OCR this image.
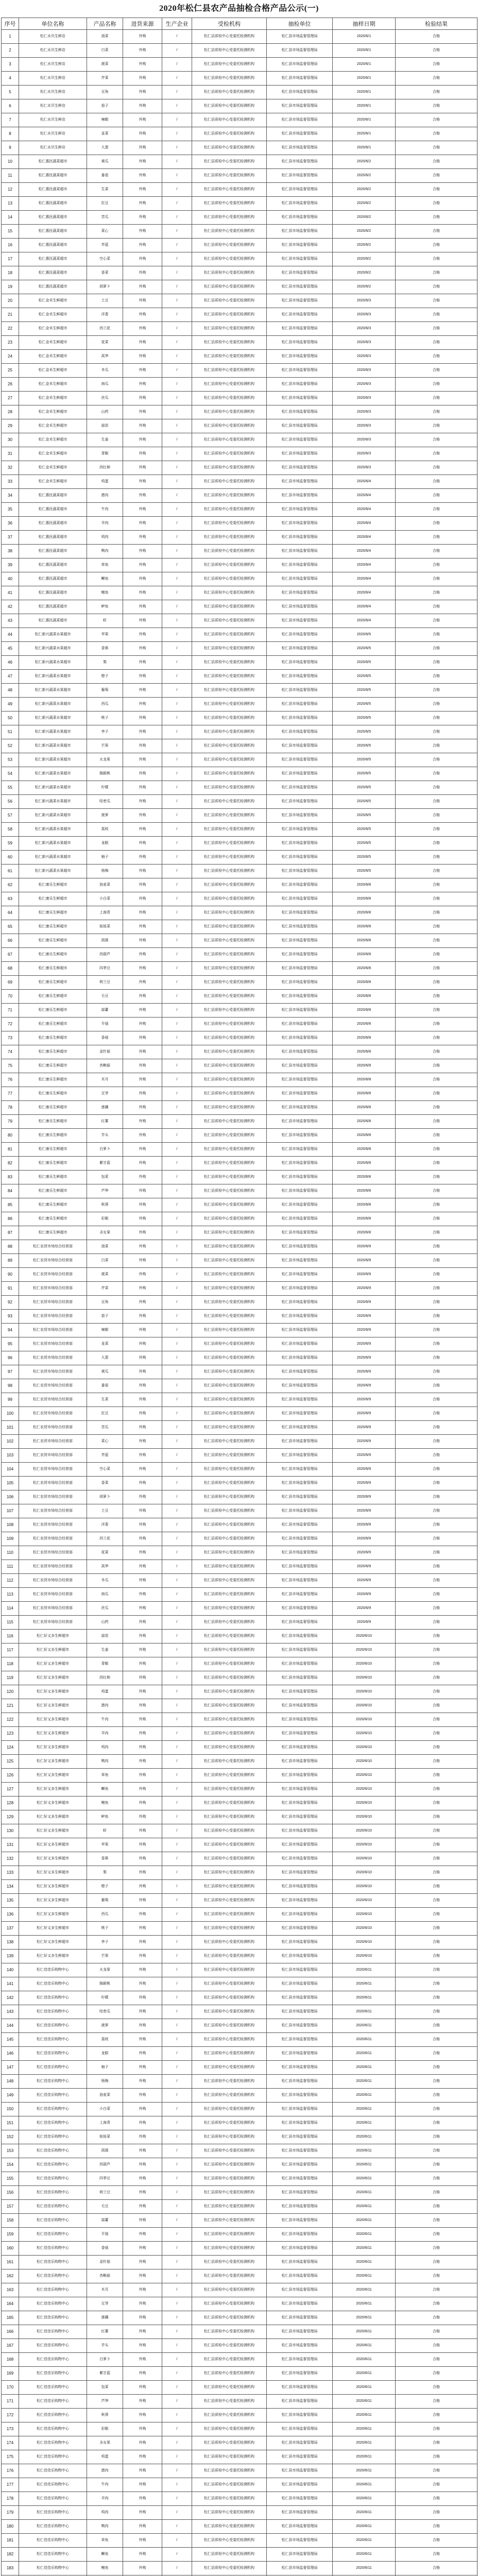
2020年松仁县农产品抽检合格产品公示(一)
序号	单位名称	产品名称	进货来源	生产企业	受检机构	抽检单位	抽样日期	检验结果
1	松仁水贝生鲜店	油菜	外购	/	松仁县质检中心受委托检测机构	松仁县市场监督管理局	2020/6/1	合格
2	松仁水贝生鲜店	白菜	外购	/	松仁县质检中心受委托检测机构	松仁县市场监督管理局	2020/6/1	合格
3	松仁水贝生鲜店	菠菜	外购	/	松仁县质检中心受委托检测机构	松仁县市场监督管理局	2020/6/1	合格
4	松仁水贝生鲜店	芹菜	外购	/	松仁县质检中心受委托检测机构	松仁县市场监督管理局	2020/6/1	合格
5	松仁水贝生鲜店	豆角	外购	/	松仁县质检中心受委托检测机构	松仁县市场监督管理局	2020/6/1	合格
6	松仁水贝生鲜店	茄子	外购	/	松仁县质检中心受委托检测机构	松仁县市场监督管理局	2020/6/1	合格
7	松仁水贝生鲜店	辣椒	外购	/	松仁县质检中心受委托检测机构	松仁县市场监督管理局	2020/6/1	合格
8	松仁水贝生鲜店	韭菜	外购	/	松仁县质检中心受委托检测机构	松仁县市场监督管理局	2020/6/1	合格
9	松仁水贝生鲜店	大葱	外购	/	松仁县质检中心受委托检测机构	松仁县市场监督管理局	2020/6/1	合格
10	松仁惠民蔬菜超市	黄瓜	外购	/	松仁县质检中心受委托检测机构	松仁县市场监督管理局	2020/6/2	合格
11	松仁惠民蔬菜超市	番茄	外购	/	松仁县质检中心受委托检测机构	松仁县市场监督管理局	2020/6/2	合格
12	松仁惠民蔬菜超市	生菜	外购	/	松仁县质检中心受委托检测机构	松仁县市场监督管理局	2020/6/2	合格
13	松仁惠民蔬菜超市	豇豆	外购	/	松仁县质检中心受委托检测机构	松仁县市场监督管理局	2020/6/2	合格
14	松仁惠民蔬菜超市	苦瓜	外购	/	松仁县质检中心受委托检测机构	松仁县市场监督管理局	2020/6/2	合格
15	松仁惠民蔬菜超市	菜心	外购	/	松仁县质检中心受委托检测机构	松仁县市场监督管理局	2020/6/2	合格
16	松仁惠民蔬菜超市	芥蓝	外购	/	松仁县质检中心受委托检测机构	松仁县市场监督管理局	2020/6/2	合格
17	松仁惠民蔬菜超市	空心菜	外购	/	松仁县质检中心受委托检测机构	松仁县市场监督管理局	2020/6/2	合格
18	松仁惠民蔬菜超市	香菜	外购	/	松仁县质检中心受委托检测机构	松仁县市场监督管理局	2020/6/2	合格
19	松仁惠民蔬菜超市	胡萝卜	外购	/	松仁县质检中心受委托检测机构	松仁县市场监督管理局	2020/6/2	合格
20	松仁金禾生鲜超市	土豆	外购	/	松仁县质检中心受委托检测机构	松仁县市场监督管理局	2020/6/3	合格
21	松仁金禾生鲜超市	洋葱	外购	/	松仁县质检中心受委托检测机构	松仁县市场监督管理局	2020/6/3	合格
22	松仁金禾生鲜超市	西兰花	外购	/	松仁县质检中心受委托检测机构	松仁县市场监督管理局	2020/6/3	合格
23	松仁金禾生鲜超市	花菜	外购	/	松仁县质检中心受委托检测机构	松仁县市场监督管理局	2020/6/3	合格
24	松仁金禾生鲜超市	莴笋	外购	/	松仁县质检中心受委托检测机构	松仁县市场监督管理局	2020/6/3	合格
25	松仁金禾生鲜超市	冬瓜	外购	/	松仁县质检中心受委托检测机构	松仁县市场监督管理局	2020/6/3	合格
26	松仁金禾生鲜超市	南瓜	外购	/	松仁县质检中心受委托检测机构	松仁县市场监督管理局	2020/6/3	合格
27	松仁金禾生鲜超市	丝瓜	外购	/	松仁县质检中心受委托检测机构	松仁县市场监督管理局	2020/6/3	合格
28	松仁金禾生鲜超市	山药	外购	/	松仁县质检中心受委托检测机构	松仁县市场监督管理局	2020/6/3	合格
29	松仁金禾生鲜超市	蒜苗	外购	/	松仁县质检中心受委托检测机构	松仁县市场监督管理局	2020/6/3	合格
30	松仁金禾生鲜超市	生姜	外购	/	松仁县质检中心受委托检测机构	松仁县市场监督管理局	2020/6/3	合格
31	松仁金禾生鲜超市	青椒	外购	/	松仁县质检中心受委托检测机构	松仁县市场监督管理局	2020/6/3	合格
32	松仁金禾生鲜超市	西红柿	外购	/	松仁县质检中心受委托检测机构	松仁县市场监督管理局	2020/6/3	合格
33	松仁金禾生鲜超市	鸡蛋	外购	/	松仁县质检中心受委托检测机构	松仁县市场监督管理局	2020/6/4	合格
34	松仁惠民蔬菜超市	猪肉	外购	/	松仁县质检中心受委托检测机构	松仁县市场监督管理局	2020/6/4	合格
35	松仁惠民蔬菜超市	牛肉	外购	/	松仁县质检中心受委托检测机构	松仁县市场监督管理局	2020/6/4	合格
36	松仁惠民蔬菜超市	羊肉	外购	/	松仁县质检中心受委托检测机构	松仁县市场监督管理局	2020/6/4	合格
37	松仁惠民蔬菜超市	鸡肉	外购	/	松仁县质检中心受委托检测机构	松仁县市场监督管理局	2020/6/4	合格
38	松仁惠民蔬菜超市	鸭肉	外购	/	松仁县质检中心受委托检测机构	松仁县市场监督管理局	2020/6/4	合格
39	松仁惠民蔬菜超市	草鱼	外购	/	松仁县质检中心受委托检测机构	松仁县市场监督管理局	2020/6/4	合格
40	松仁惠民蔬菜超市	鲫鱼	外购	/	松仁县质检中心受委托检测机构	松仁县市场监督管理局	2020/6/4	合格
41	松仁惠民蔬菜超市	鲤鱼	外购	/	松仁县质检中心受委托检测机构	松仁县市场监督管理局	2020/6/4	合格
42	松仁惠民蔬菜超市	鲈鱼	外购	/	松仁县质检中心受委托检测机构	松仁县市场监督管理局	2020/6/4	合格
43	松仁惠民蔬菜超市	虾	外购	/	松仁县质检中心受委托检测机构	松仁县市场监督管理局	2020/6/4	合格
44	松仁新兴蔬菜水果超市	苹果	外购	/	松仁县质检中心受委托检测机构	松仁县市场监督管理局	2020/6/5	合格
45	松仁新兴蔬菜水果超市	香蕉	外购	/	松仁县质检中心受委托检测机构	松仁县市场监督管理局	2020/6/5	合格
46	松仁新兴蔬菜水果超市	梨	外购	/	松仁县质检中心受委托检测机构	松仁县市场监督管理局	2020/6/5	合格
47	松仁新兴蔬菜水果超市	橙子	外购	/	松仁县质检中心受委托检测机构	松仁县市场监督管理局	2020/6/5	合格
48	松仁新兴蔬菜水果超市	葡萄	外购	/	松仁县质检中心受委托检测机构	松仁县市场监督管理局	2020/6/5	合格
49	松仁新兴蔬菜水果超市	西瓜	外购	/	松仁县质检中心受委托检测机构	松仁县市场监督管理局	2020/6/5	合格
50	松仁新兴蔬菜水果超市	桃子	外购	/	松仁县质检中心受委托检测机构	松仁县市场监督管理局	2020/6/5	合格
51	松仁新兴蔬菜水果超市	李子	外购	/	松仁县质检中心受委托检测机构	松仁县市场监督管理局	2020/6/5	合格
52	松仁新兴蔬菜水果超市	芒果	外购	/	松仁县质检中心受委托检测机构	松仁县市场监督管理局	2020/6/5	合格
53	松仁新兴蔬菜水果超市	火龙果	外购	/	松仁县质检中心受委托检测机构	松仁县市场监督管理局	2020/6/5	合格
54	松仁新兴蔬菜水果超市	猕猴桃	外购	/	松仁县质检中心受委托检测机构	松仁县市场监督管理局	2020/6/5	合格
55	松仁新兴蔬菜水果超市	柠檬	外购	/	松仁县质检中心受委托检测机构	松仁县市场监督管理局	2020/6/5	合格
56	松仁新兴蔬菜水果超市	哈密瓜	外购	/	松仁县质检中心受委托检测机构	松仁县市场监督管理局	2020/6/5	合格
57	松仁新兴蔬菜水果超市	菠萝	外购	/	松仁县质检中心受委托检测机构	松仁县市场监督管理局	2020/6/5	合格
58	松仁新兴蔬菜水果超市	荔枝	外购	/	松仁县质检中心受委托检测机构	松仁县市场监督管理局	2020/6/5	合格
59	松仁新兴蔬菜水果超市	龙眼	外购	/	松仁县质检中心受委托检测机构	松仁县市场监督管理局	2020/6/5	合格
60	松仁新兴蔬菜水果超市	柚子	外购	/	松仁县质检中心受委托检测机构	松仁县市场监督管理局	2020/6/5	合格
61	松仁新兴蔬菜水果超市	杨梅	外购	/	松仁县质检中心受委托检测机构	松仁县市场监督管理局	2020/6/5	合格
62	松仁康乐生鲜超市	油麦菜	外购	/	松仁县质检中心受委托检测机构	松仁县市场监督管理局	2020/6/8	合格
63	松仁康乐生鲜超市	小白菜	外购	/	松仁县质检中心受委托检测机构	松仁县市场监督管理局	2020/6/8	合格
64	松仁康乐生鲜超市	上海青	外购	/	松仁县质检中心受委托检测机构	松仁县市场监督管理局	2020/6/8	合格
65	松仁康乐生鲜超市	娃娃菜	外购	/	松仁县质检中心受委托检测机构	松仁县市场监督管理局	2020/6/8	合格
66	松仁康乐生鲜超市	茼蒿	外购	/	松仁县质检中心受委托检测机构	松仁县市场监督管理局	2020/6/8	合格
67	松仁康乐生鲜超市	西葫芦	外购	/	松仁县质检中心受委托检测机构	松仁县市场监督管理局	2020/6/8	合格
68	松仁康乐生鲜超市	四季豆	外购	/	松仁县质检中心受委托检测机构	松仁县市场监督管理局	2020/6/8	合格
69	松仁康乐生鲜超市	荷兰豆	外购	/	松仁县质检中心受委托检测机构	松仁县市场监督管理局	2020/6/8	合格
70	松仁康乐生鲜超市	毛豆	外购	/	松仁县质检中心受委托检测机构	松仁县市场监督管理局	2020/6/8	合格
71	松仁康乐生鲜超市	蒜薹	外购	/	松仁县质检中心受委托检测机构	松仁县市场监督管理局	2020/6/8	合格
72	松仁康乐生鲜超市	平菇	外购	/	松仁县质检中心受委托检测机构	松仁县市场监督管理局	2020/6/8	合格
73	松仁康乐生鲜超市	香菇	外购	/	松仁县质检中心受委托检测机构	松仁县市场监督管理局	2020/6/8	合格
74	松仁康乐生鲜超市	金针菇	外购	/	松仁县质检中心受委托检测机构	松仁县市场监督管理局	2020/6/8	合格
75	松仁康乐生鲜超市	杏鲍菇	外购	/	松仁县质检中心受委托检测机构	松仁县市场监督管理局	2020/6/8	合格
76	松仁康乐生鲜超市	木耳	外购	/	松仁县质检中心受委托检测机构	松仁县市场监督管理局	2020/6/8	合格
77	松仁康乐生鲜超市	豆芽	外购	/	松仁县质检中心受委托检测机构	松仁县市场监督管理局	2020/6/8	合格
78	松仁康乐生鲜超市	莲藕	外购	/	松仁县质检中心受委托检测机构	松仁县市场监督管理局	2020/6/8	合格
79	松仁康乐生鲜超市	红薯	外购	/	松仁县质检中心受委托检测机构	松仁县市场监督管理局	2020/6/8	合格
80	松仁康乐生鲜超市	芋头	外购	/	松仁县质检中心受委托检测机构	松仁县市场监督管理局	2020/6/8	合格
81	松仁康乐生鲜超市	白萝卜	外购	/	松仁县质检中心受委托检测机构	松仁县市场监督管理局	2020/6/8	合格
82	松仁康乐生鲜超市	紫甘蓝	外购	/	松仁县质检中心受委托检测机构	松仁县市场监督管理局	2020/6/8	合格
83	松仁康乐生鲜超市	包菜	外购	/	松仁县质检中心受委托检测机构	松仁县市场监督管理局	2020/6/8	合格
84	松仁康乐生鲜超市	芦笋	外购	/	松仁县质检中心受委托检测机构	松仁县市场监督管理局	2020/6/8	合格
85	松仁康乐生鲜超市	秋葵	外购	/	松仁县质检中心受委托检测机构	松仁县市场监督管理局	2020/6/8	合格
86	松仁康乐生鲜超市	彩椒	外购	/	松仁县质检中心受委托检测机构	松仁县市场监督管理局	2020/6/8	合格
87	松仁康乐生鲜超市	圣女果	外购	/	松仁县质检中心受委托检测机构	松仁县市场监督管理局	2020/6/8	合格
88	松仁农贸市场综合经营部	油菜	外购	/	松仁县质检中心受委托检测机构	松仁县市场监督管理局	2020/6/9	合格
89	松仁农贸市场综合经营部	白菜	外购	/	松仁县质检中心受委托检测机构	松仁县市场监督管理局	2020/6/9	合格
90	松仁农贸市场综合经营部	菠菜	外购	/	松仁县质检中心受委托检测机构	松仁县市场监督管理局	2020/6/9	合格
91	松仁农贸市场综合经营部	芹菜	外购	/	松仁县质检中心受委托检测机构	松仁县市场监督管理局	2020/6/9	合格
92	松仁农贸市场综合经营部	豆角	外购	/	松仁县质检中心受委托检测机构	松仁县市场监督管理局	2020/6/9	合格
93	松仁农贸市场综合经营部	茄子	外购	/	松仁县质检中心受委托检测机构	松仁县市场监督管理局	2020/6/9	合格
94	松仁农贸市场综合经营部	辣椒	外购	/	松仁县质检中心受委托检测机构	松仁县市场监督管理局	2020/6/9	合格
95	松仁农贸市场综合经营部	韭菜	外购	/	松仁县质检中心受委托检测机构	松仁县市场监督管理局	2020/6/9	合格
96	松仁农贸市场综合经营部	大葱	外购	/	松仁县质检中心受委托检测机构	松仁县市场监督管理局	2020/6/9	合格
97	松仁农贸市场综合经营部	黄瓜	外购	/	松仁县质检中心受委托检测机构	松仁县市场监督管理局	2020/6/9	合格
98	松仁农贸市场综合经营部	番茄	外购	/	松仁县质检中心受委托检测机构	松仁县市场监督管理局	2020/6/9	合格
99	松仁农贸市场综合经营部	生菜	外购	/	松仁县质检中心受委托检测机构	松仁县市场监督管理局	2020/6/9	合格
100	松仁农贸市场综合经营部	豇豆	外购	/	松仁县质检中心受委托检测机构	松仁县市场监督管理局	2020/6/9	合格
101	松仁农贸市场综合经营部	苦瓜	外购	/	松仁县质检中心受委托检测机构	松仁县市场监督管理局	2020/6/9	合格
102	松仁农贸市场综合经营部	菜心	外购	/	松仁县质检中心受委托检测机构	松仁县市场监督管理局	2020/6/9	合格
103	松仁农贸市场综合经营部	芥蓝	外购	/	松仁县质检中心受委托检测机构	松仁县市场监督管理局	2020/6/9	合格
104	松仁农贸市场综合经营部	空心菜	外购	/	松仁县质检中心受委托检测机构	松仁县市场监督管理局	2020/6/9	合格
105	松仁农贸市场综合经营部	香菜	外购	/	松仁县质检中心受委托检测机构	松仁县市场监督管理局	2020/6/9	合格
106	松仁农贸市场综合经营部	胡萝卜	外购	/	松仁县质检中心受委托检测机构	松仁县市场监督管理局	2020/6/9	合格
107	松仁农贸市场综合经营部	土豆	外购	/	松仁县质检中心受委托检测机构	松仁县市场监督管理局	2020/6/9	合格
108	松仁农贸市场综合经营部	洋葱	外购	/	松仁县质检中心受委托检测机构	松仁县市场监督管理局	2020/6/9	合格
109	松仁农贸市场综合经营部	西兰花	外购	/	松仁县质检中心受委托检测机构	松仁县市场监督管理局	2020/6/9	合格
110	松仁农贸市场综合经营部	花菜	外购	/	松仁县质检中心受委托检测机构	松仁县市场监督管理局	2020/6/9	合格
111	松仁农贸市场综合经营部	莴笋	外购	/	松仁县质检中心受委托检测机构	松仁县市场监督管理局	2020/6/9	合格
112	松仁农贸市场综合经营部	冬瓜	外购	/	松仁县质检中心受委托检测机构	松仁县市场监督管理局	2020/6/9	合格
113	松仁农贸市场综合经营部	南瓜	外购	/	松仁县质检中心受委托检测机构	松仁县市场监督管理局	2020/6/9	合格
114	松仁农贸市场综合经营部	丝瓜	外购	/	松仁县质检中心受委托检测机构	松仁县市场监督管理局	2020/6/9	合格
115	松仁农贸市场综合经营部	山药	外购	/	松仁县质检中心受委托检测机构	松仁县市场监督管理局	2020/6/9	合格
116	松仁好又多生鲜超市	蒜苗	外购	/	松仁县质检中心受委托检测机构	松仁县市场监督管理局	2020/6/10	合格
117	松仁好又多生鲜超市	生姜	外购	/	松仁县质检中心受委托检测机构	松仁县市场监督管理局	2020/6/10	合格
118	松仁好又多生鲜超市	青椒	外购	/	松仁县质检中心受委托检测机构	松仁县市场监督管理局	2020/6/10	合格
119	松仁好又多生鲜超市	西红柿	外购	/	松仁县质检中心受委托检测机构	松仁县市场监督管理局	2020/6/10	合格
120	松仁好又多生鲜超市	鸡蛋	外购	/	松仁县质检中心受委托检测机构	松仁县市场监督管理局	2020/6/10	合格
121	松仁好又多生鲜超市	猪肉	外购	/	松仁县质检中心受委托检测机构	松仁县市场监督管理局	2020/6/10	合格
122	松仁好又多生鲜超市	牛肉	外购	/	松仁县质检中心受委托检测机构	松仁县市场监督管理局	2020/6/10	合格
123	松仁好又多生鲜超市	羊肉	外购	/	松仁县质检中心受委托检测机构	松仁县市场监督管理局	2020/6/10	合格
124	松仁好又多生鲜超市	鸡肉	外购	/	松仁县质检中心受委托检测机构	松仁县市场监督管理局	2020/6/10	合格
125	松仁好又多生鲜超市	鸭肉	外购	/	松仁县质检中心受委托检测机构	松仁县市场监督管理局	2020/6/10	合格
126	松仁好又多生鲜超市	草鱼	外购	/	松仁县质检中心受委托检测机构	松仁县市场监督管理局	2020/6/10	合格
127	松仁好又多生鲜超市	鲫鱼	外购	/	松仁县质检中心受委托检测机构	松仁县市场监督管理局	2020/6/10	合格
128	松仁好又多生鲜超市	鲤鱼	外购	/	松仁县质检中心受委托检测机构	松仁县市场监督管理局	2020/6/10	合格
129	松仁好又多生鲜超市	鲈鱼	外购	/	松仁县质检中心受委托检测机构	松仁县市场监督管理局	2020/6/10	合格
130	松仁好又多生鲜超市	虾	外购	/	松仁县质检中心受委托检测机构	松仁县市场监督管理局	2020/6/10	合格
131	松仁好又多生鲜超市	苹果	外购	/	松仁县质检中心受委托检测机构	松仁县市场监督管理局	2020/6/10	合格
132	松仁好又多生鲜超市	香蕉	外购	/	松仁县质检中心受委托检测机构	松仁县市场监督管理局	2020/6/10	合格
133	松仁好又多生鲜超市	梨	外购	/	松仁县质检中心受委托检测机构	松仁县市场监督管理局	2020/6/10	合格
134	松仁好又多生鲜超市	橙子	外购	/	松仁县质检中心受委托检测机构	松仁县市场监督管理局	2020/6/10	合格
135	松仁好又多生鲜超市	葡萄	外购	/	松仁县质检中心受委托检测机构	松仁县市场监督管理局	2020/6/10	合格
136	松仁好又多生鲜超市	西瓜	外购	/	松仁县质检中心受委托检测机构	松仁县市场监督管理局	2020/6/10	合格
137	松仁好又多生鲜超市	桃子	外购	/	松仁县质检中心受委托检测机构	松仁县市场监督管理局	2020/6/10	合格
138	松仁好又多生鲜超市	李子	外购	/	松仁县质检中心受委托检测机构	松仁县市场监督管理局	2020/6/10	合格
139	松仁好又多生鲜超市	芒果	外购	/	松仁县质检中心受委托检测机构	松仁县市场监督管理局	2020/6/10	合格
140	松仁佳佳乐购物中心	火龙果	外购	/	松仁县质检中心受委托检测机构	松仁县市场监督管理局	2020/6/11	合格
141	松仁佳佳乐购物中心	猕猴桃	外购	/	松仁县质检中心受委托检测机构	松仁县市场监督管理局	2020/6/11	合格
142	松仁佳佳乐购物中心	柠檬	外购	/	松仁县质检中心受委托检测机构	松仁县市场监督管理局	2020/6/11	合格
143	松仁佳佳乐购物中心	哈密瓜	外购	/	松仁县质检中心受委托检测机构	松仁县市场监督管理局	2020/6/11	合格
144	松仁佳佳乐购物中心	菠萝	外购	/	松仁县质检中心受委托检测机构	松仁县市场监督管理局	2020/6/11	合格
145	松仁佳佳乐购物中心	荔枝	外购	/	松仁县质检中心受委托检测机构	松仁县市场监督管理局	2020/6/11	合格
146	松仁佳佳乐购物中心	龙眼	外购	/	松仁县质检中心受委托检测机构	松仁县市场监督管理局	2020/6/11	合格
147	松仁佳佳乐购物中心	柚子	外购	/	松仁县质检中心受委托检测机构	松仁县市场监督管理局	2020/6/11	合格
148	松仁佳佳乐购物中心	杨梅	外购	/	松仁县质检中心受委托检测机构	松仁县市场监督管理局	2020/6/11	合格
149	松仁佳佳乐购物中心	油麦菜	外购	/	松仁县质检中心受委托检测机构	松仁县市场监督管理局	2020/6/11	合格
150	松仁佳佳乐购物中心	小白菜	外购	/	松仁县质检中心受委托检测机构	松仁县市场监督管理局	2020/6/11	合格
151	松仁佳佳乐购物中心	上海青	外购	/	松仁县质检中心受委托检测机构	松仁县市场监督管理局	2020/6/11	合格
152	松仁佳佳乐购物中心	娃娃菜	外购	/	松仁县质检中心受委托检测机构	松仁县市场监督管理局	2020/6/11	合格
153	松仁佳佳乐购物中心	茼蒿	外购	/	松仁县质检中心受委托检测机构	松仁县市场监督管理局	2020/6/11	合格
154	松仁佳佳乐购物中心	西葫芦	外购	/	松仁县质检中心受委托检测机构	松仁县市场监督管理局	2020/6/11	合格
155	松仁佳佳乐购物中心	四季豆	外购	/	松仁县质检中心受委托检测机构	松仁县市场监督管理局	2020/6/11	合格
156	松仁佳佳乐购物中心	荷兰豆	外购	/	松仁县质检中心受委托检测机构	松仁县市场监督管理局	2020/6/11	合格
157	松仁佳佳乐购物中心	毛豆	外购	/	松仁县质检中心受委托检测机构	松仁县市场监督管理局	2020/6/11	合格
158	松仁佳佳乐购物中心	蒜薹	外购	/	松仁县质检中心受委托检测机构	松仁县市场监督管理局	2020/6/11	合格
159	松仁佳佳乐购物中心	平菇	外购	/	松仁县质检中心受委托检测机构	松仁县市场监督管理局	2020/6/11	合格
160	松仁佳佳乐购物中心	香菇	外购	/	松仁县质检中心受委托检测机构	松仁县市场监督管理局	2020/6/11	合格
161	松仁佳佳乐购物中心	金针菇	外购	/	松仁县质检中心受委托检测机构	松仁县市场监督管理局	2020/6/11	合格
162	松仁佳佳乐购物中心	杏鲍菇	外购	/	松仁县质检中心受委托检测机构	松仁县市场监督管理局	2020/6/11	合格
163	松仁佳佳乐购物中心	木耳	外购	/	松仁县质检中心受委托检测机构	松仁县市场监督管理局	2020/6/11	合格
164	松仁佳佳乐购物中心	豆芽	外购	/	松仁县质检中心受委托检测机构	松仁县市场监督管理局	2020/6/11	合格
165	松仁佳佳乐购物中心	莲藕	外购	/	松仁县质检中心受委托检测机构	松仁县市场监督管理局	2020/6/11	合格
166	松仁佳佳乐购物中心	红薯	外购	/	松仁县质检中心受委托检测机构	松仁县市场监督管理局	2020/6/11	合格
167	松仁佳佳乐购物中心	芋头	外购	/	松仁县质检中心受委托检测机构	松仁县市场监督管理局	2020/6/11	合格
168	松仁佳佳乐购物中心	白萝卜	外购	/	松仁县质检中心受委托检测机构	松仁县市场监督管理局	2020/6/11	合格
169	松仁佳佳乐购物中心	紫甘蓝	外购	/	松仁县质检中心受委托检测机构	松仁县市场监督管理局	2020/6/11	合格
170	松仁佳佳乐购物中心	包菜	外购	/	松仁县质检中心受委托检测机构	松仁县市场监督管理局	2020/6/11	合格
171	松仁佳佳乐购物中心	芦笋	外购	/	松仁县质检中心受委托检测机构	松仁县市场监督管理局	2020/6/11	合格
172	松仁佳佳乐购物中心	秋葵	外购	/	松仁县质检中心受委托检测机构	松仁县市场监督管理局	2020/6/11	合格
173	松仁佳佳乐购物中心	彩椒	外购	/	松仁县质检中心受委托检测机构	松仁县市场监督管理局	2020/6/11	合格
174	松仁佳佳乐购物中心	圣女果	外购	/	松仁县质检中心受委托检测机构	松仁县市场监督管理局	2020/6/11	合格
175	松仁佳佳乐购物中心	鸡蛋	外购	/	松仁县质检中心受委托检测机构	松仁县市场监督管理局	2020/6/11	合格
176	松仁佳佳乐购物中心	猪肉	外购	/	松仁县质检中心受委托检测机构	松仁县市场监督管理局	2020/6/11	合格
177	松仁佳佳乐购物中心	牛肉	外购	/	松仁县质检中心受委托检测机构	松仁县市场监督管理局	2020/6/11	合格
178	松仁佳佳乐购物中心	羊肉	外购	/	松仁县质检中心受委托检测机构	松仁县市场监督管理局	2020/6/11	合格
179	松仁佳佳乐购物中心	鸡肉	外购	/	松仁县质检中心受委托检测机构	松仁县市场监督管理局	2020/6/11	合格
180	松仁佳佳乐购物中心	鸭肉	外购	/	松仁县质检中心受委托检测机构	松仁县市场监督管理局	2020/6/11	合格
181	松仁佳佳乐购物中心	草鱼	外购	/	松仁县质检中心受委托检测机构	松仁县市场监督管理局	2020/6/11	合格
182	松仁佳佳乐购物中心	鲫鱼	外购	/	松仁县质检中心受委托检测机构	松仁县市场监督管理局	2020/6/11	合格
183	松仁佳佳乐购物中心	鲤鱼	外购	/	松仁县质检中心受委托检测机构	松仁县市场监督管理局	2020/6/11	合格
